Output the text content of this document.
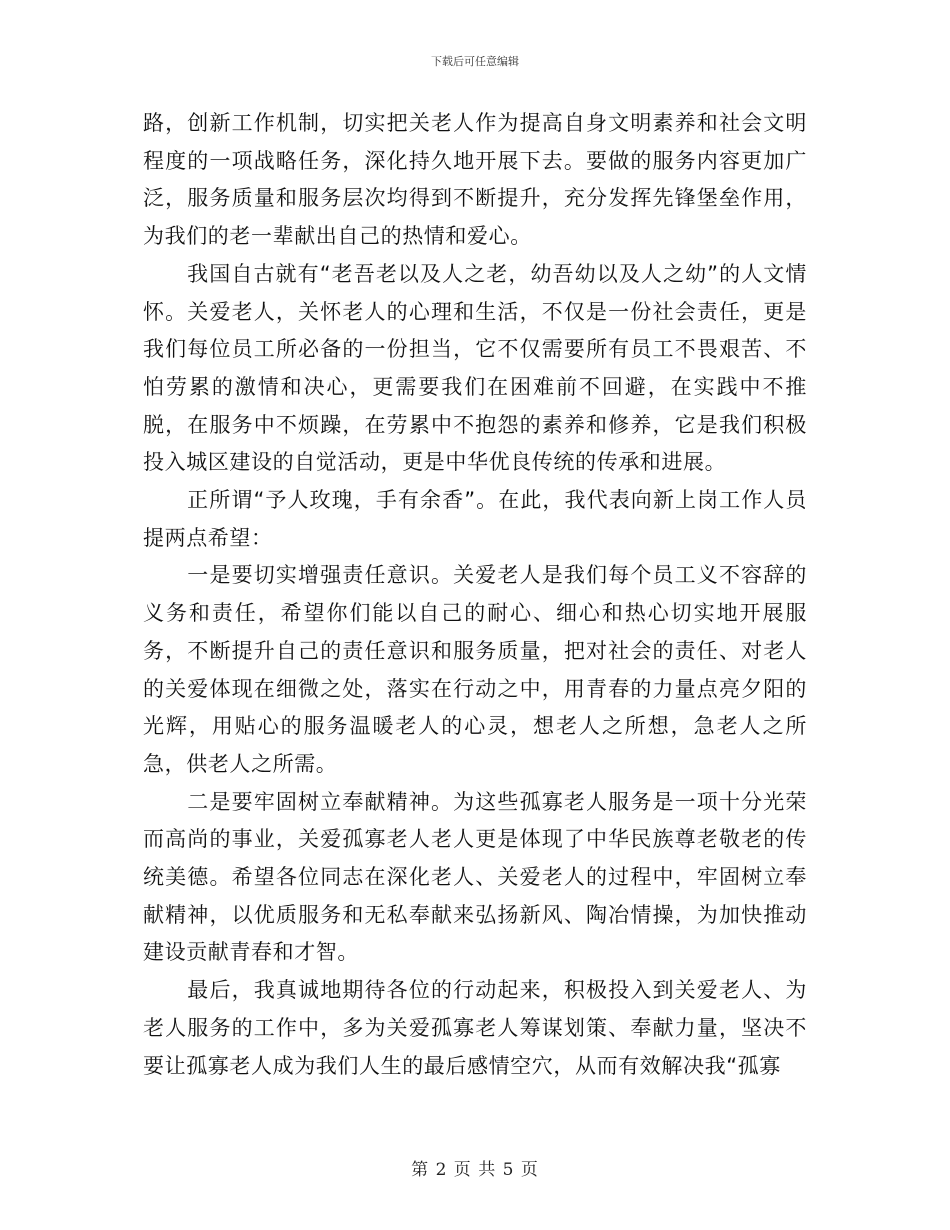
下载后可任意编辑

路，创新工作机制，切实把关老人作为提高自身文明素养和社会文明程度的一项战略任务，深化持久地开展下去。要做的服务内容更加广泛，服务质量和服务层次均得到不断提升，充分发挥先锋堡垒作用，为我们的老一辈献出自己的热情和爱心。

　　我国自古就有“老吾老以及人之老，幼吾幼以及人之幼”的人文情怀。关爱老人，关怀老人的心理和生活，不仅是一份社会责任，更是我们每位员工所必备的一份担当，它不仅需要所有员工不畏艰苦、不怕劳累的激情和决心，更需要我们在困难前不回避，在实践中不推脱，在服务中不烦躁，在劳累中不抱怨的素养和修养，它是我们积极投入城区建设的自觉活动，更是中华优良传统的传承和进展。

　　正所谓“予人玫瑰，手有余香”。在此，我代表向新上岗工作人员提两点希望：

　　一是要切实增强责任意识。关爱老人是我们每个员工义不容辞的义务和责任，希望你们能以自己的耐心、细心和热心切实地开展服务，不断提升自己的责任意识和服务质量，把对社会的责任、对老人的关爱体现在细微之处，落实在行动之中，用青春的力量点亮夕阳的光辉，用贴心的服务温暖老人的心灵，想老人之所想，急老人之所急，供老人之所需。

　　二是要牢固树立奉献精神。为这些孤寡老人服务是一项十分光荣而高尚的事业，关爱孤寡老人老人更是体现了中华民族尊老敬老的传统美德。希望各位同志在深化老人、关爱老人的过程中，牢固树立奉献精神，以优质服务和无私奉献来弘扬新风、陶冶情操，为加快推动建设贡献青春和才智。

　　最后，我真诚地期待各位的行动起来，积极投入到关爱老人、为老人服务的工作中，多为关爱孤寡老人筹谋划策、奉献力量，坚决不要让孤寡老人成为我们人生的最后感情空穴，从而有效解决我“孤寡

第 2 页 共 5 页
